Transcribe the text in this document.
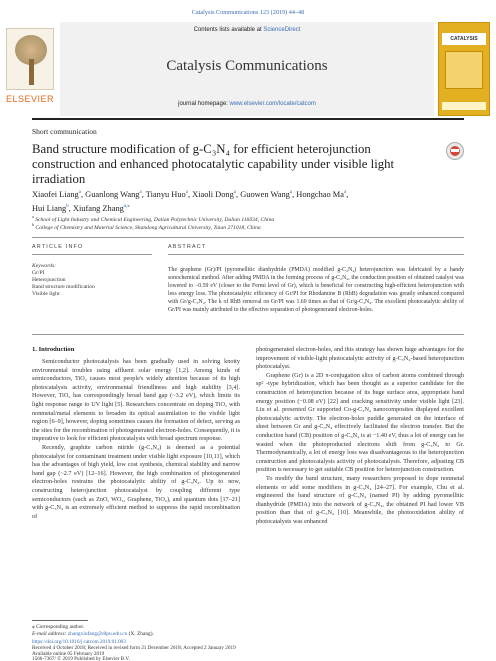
Catalysis Communications 123 (2019) 44–48
ELSEVIER
Contents lists available at ScienceDirect
Catalysis Communications
journal homepage: www.elsevier.com/locate/catcom
CATALYSIS
Short communication
Band structure modification of g-C₃N₄ for efficient heterojunction construction and enhanced photocatalytic capability under visible light irradiation
Xiaofei Liang$^a$, Guanlong Wang$^a$, Tianyu Huo$^a$, Xiaoli Dong$^a$, Guowen Wang$^a$, Hongchao Ma$^a$,
Hui Liang$^b$, Xiufang Zhang$^{a,⁎}$
$^a$ School of Light Industry and Chemical Engineering, Dalian Polytechnic University, Dalian 116034, China
$^b$ College of Chemistry and Material Science, Shandong Agricultural University, Taian 271018, China
ARTICLE INFO	ABSTRACT
Keywords:
Gr/PI
Heterojunction
Band structure modification
Visible light
The graphene (Gr)/PI (pyromellitic dianhydride (PMDA) modified g-C₃N₄) heterojunction was fabricated by a handy sonochemical method. After adding PMDA in the forming process of g-C₃N₄, the conduction position of obtained catalyst was lowered to −0.59 eV (closer to the Fermi level of Gr), which is beneficial for constructing high-efficient heterojunction with less energy loss. The photocatalytic efficiency of Gr/PI for Rhodamine B (RhB) degradation was greatly enhanced compared with Gr/g-C₃N₄. The k of RhB removal on Gr/PI was 1.60 times as that of Gr/g-C₃N₄. The excellent photocatalytic ability of Gr/PI was mainly attributed to the effective separation of photogenerated electron-holes.
1. Introduction

Semiconductor photocatalysis has been gradually used in solving knotty environmental troubles using affluent solar energy [1,2]. Among kinds of semiconductors, TiO₂ causes most people's widely attention because of its high photocatalysis activity, environmental friendliness and high stability [3,4]. However, TiO₂ has correspondingly broad band gap (~3.2 eV), which limits its light response range to UV light [5]. Researchers concentrate on doping TiO₂ with nonmetal/metal elements to broaden its optical assimilation to the visible light region [6–9], however, doping sometimes causes the formation of defect, serving as the sites for the recombination of photogenerated electron-holes. Consequently, it is imperative to look for efficient photocatalysts with broad spectrum response.

Recently, graphite carbon nitride (g-C₃N₄) is deemed as a potential photocatalyst for contaminant treatment under visible light exposure [10,11], which has the advantages of high yield, low cost synthesis, chemical stability and narrow band gap (~2.7 eV) [12–16]. However, the high combination of photogenerated electron-holes restrains the photocatalytic ability of g-C₃N₄. Up to now, constructing heterojunction photocatalyst by coupling different type semiconductors (such as ZnO, WO₃, Graphene, TiO₂), and quantum dots [17–21] with g-C₃N₄ is an extremely efficient method to suppress the rapid recombination of

photogenerated electron-holes, and this strategy has shown huge advantages for the improvement of visible-light photocatalytic activity of g-C₃N₄-based heterojunction photocatalyst.

Graphene (Gr) is a 2D π-conjugation slice of carbon atoms combined through sp² -type hybridization, which has been thought as a superior candidate for the construction of heterojunction because of its huge surface area, appropriate band energy position (−0.08 eV) [22] and cracking sensitivity under visible light [23]. Liu et al. presented Gr supported Co-g-C₃N₄ nanocomposites displayed excellent photocatalytic activity. The electron-holes puddle generated on the interface of sheet between Gr and g-C₃N₄ effectively facilitated the electron transfer. But the conduction band (CB) position of g-C₃N₄ is at −1.40 eV, thus a lot of energy can be wasted when the photoproducted electrons shift from g-C₃N₄ to Gr. Thermodynamically, a lot of energy loss was disadvantageous to the heterojunction construction and photocatalysis activity of photocatalysts. Therefore, adjusting CB position is necessary to get suitable CB position for heterojunction construction.

To modify the band structure, many researchers proposed to dope nonmetal elements or add some modifiers in g-C₃N₄ [24–27]. For example, Chu et al. engineered the band structure of g-C₃N₄ (named PI) by adding pyromellitic dianhydride (PMDA) into the network of g-C₃N₄, the obtained PI had lower VB position than that of g-C₃N₄ [10]. Meanwhile, the photooxidation ability of photocatalysts was enhanced

⁎ Corresponding author.
E-mail address: zhangxiufang@dlpu.edu.cn (X. Zhang).
https://doi.org/10.1016/j.catcom.2019.01.003
Received 4 October 2018; Received in revised form 21 December 2018; Accepted 2 January 2019
Available online 05 February 2019
1566-7367/ © 2019 Published by Elsevier B.V.
